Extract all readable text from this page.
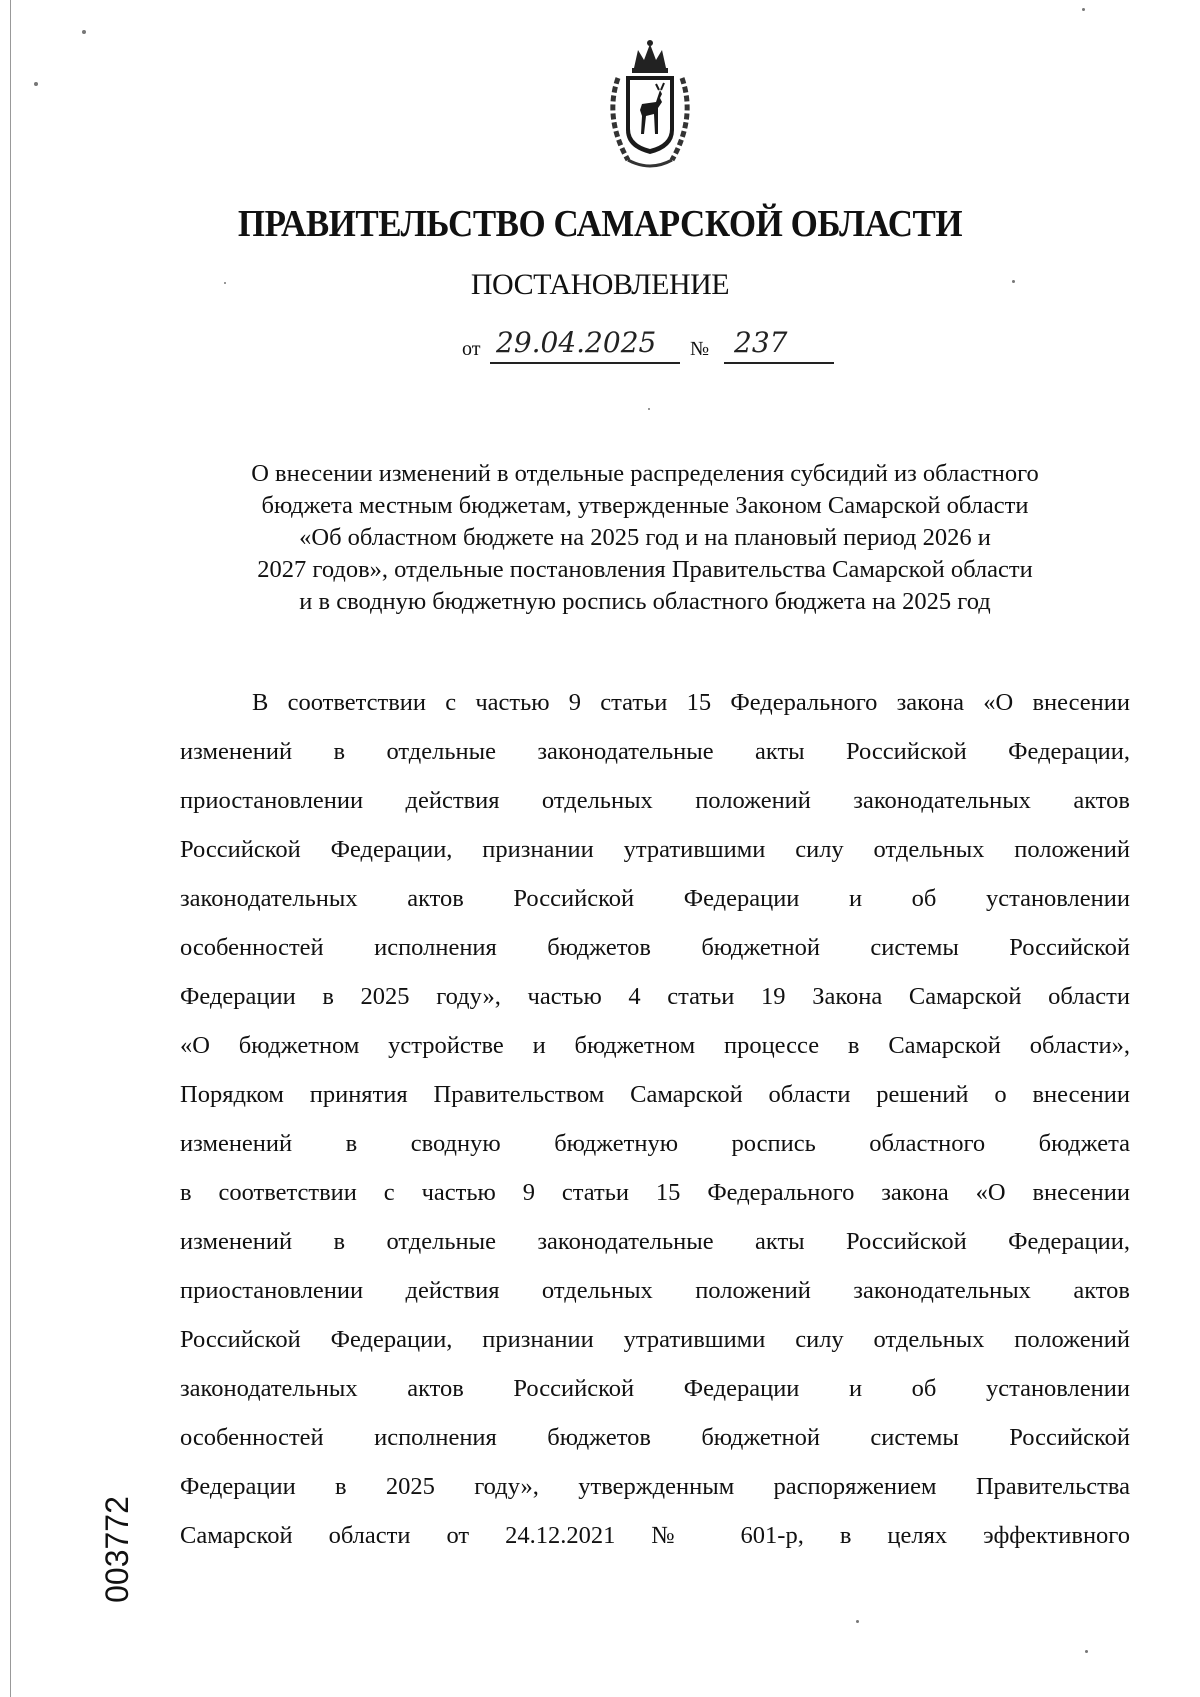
ПРАВИТЕЛЬСТВО САМАРСКОЙ ОБЛАСТИ
ПОСТАНОВЛЕНИЕ
от 29.04.2025 № 237
О внесении изменений в отдельные распределения субсидий из областного
бюджета местным бюджетам, утвержденные Законом Самарской области
«Об областном бюджете на 2025 год и на плановый период 2026 и
2027 годов», отдельные постановления Правительства Самарской области
и в сводную бюджетную роспись областного бюджета на 2025 год
В соответствии с частью 9 статьи 15 Федерального закона «О внесении
изменений в отдельные законодательные акты Российской Федерации,
приостановлении действия отдельных положений законодательных актов
Российской Федерации, признании утратившими силу отдельных положений
законодательных актов Российской Федерации и об установлении
особенностей исполнения бюджетов бюджетной системы Российской
Федерации в 2025 году», частью 4 статьи 19 Закона Самарской области
«О бюджетном устройстве и бюджетном процессе в Самарской области»,
Порядком принятия Правительством Самарской области решений о внесении
изменений в сводную бюджетную роспись областного бюджета
в соответствии с частью 9 статьи 15 Федерального закона «О внесении
изменений в отдельные законодательные акты Российской Федерации,
приостановлении действия отдельных положений законодательных актов
Российской Федерации, признании утратившими силу отдельных положений
законодательных актов Российской Федерации и об установлении
особенностей исполнения бюджетов бюджетной системы Российской
Федерации в 2025 году», утвержденным распоряжением Правительства
Самарской области от 24.12.2021 № 601-р, в целях эффективного
003772
